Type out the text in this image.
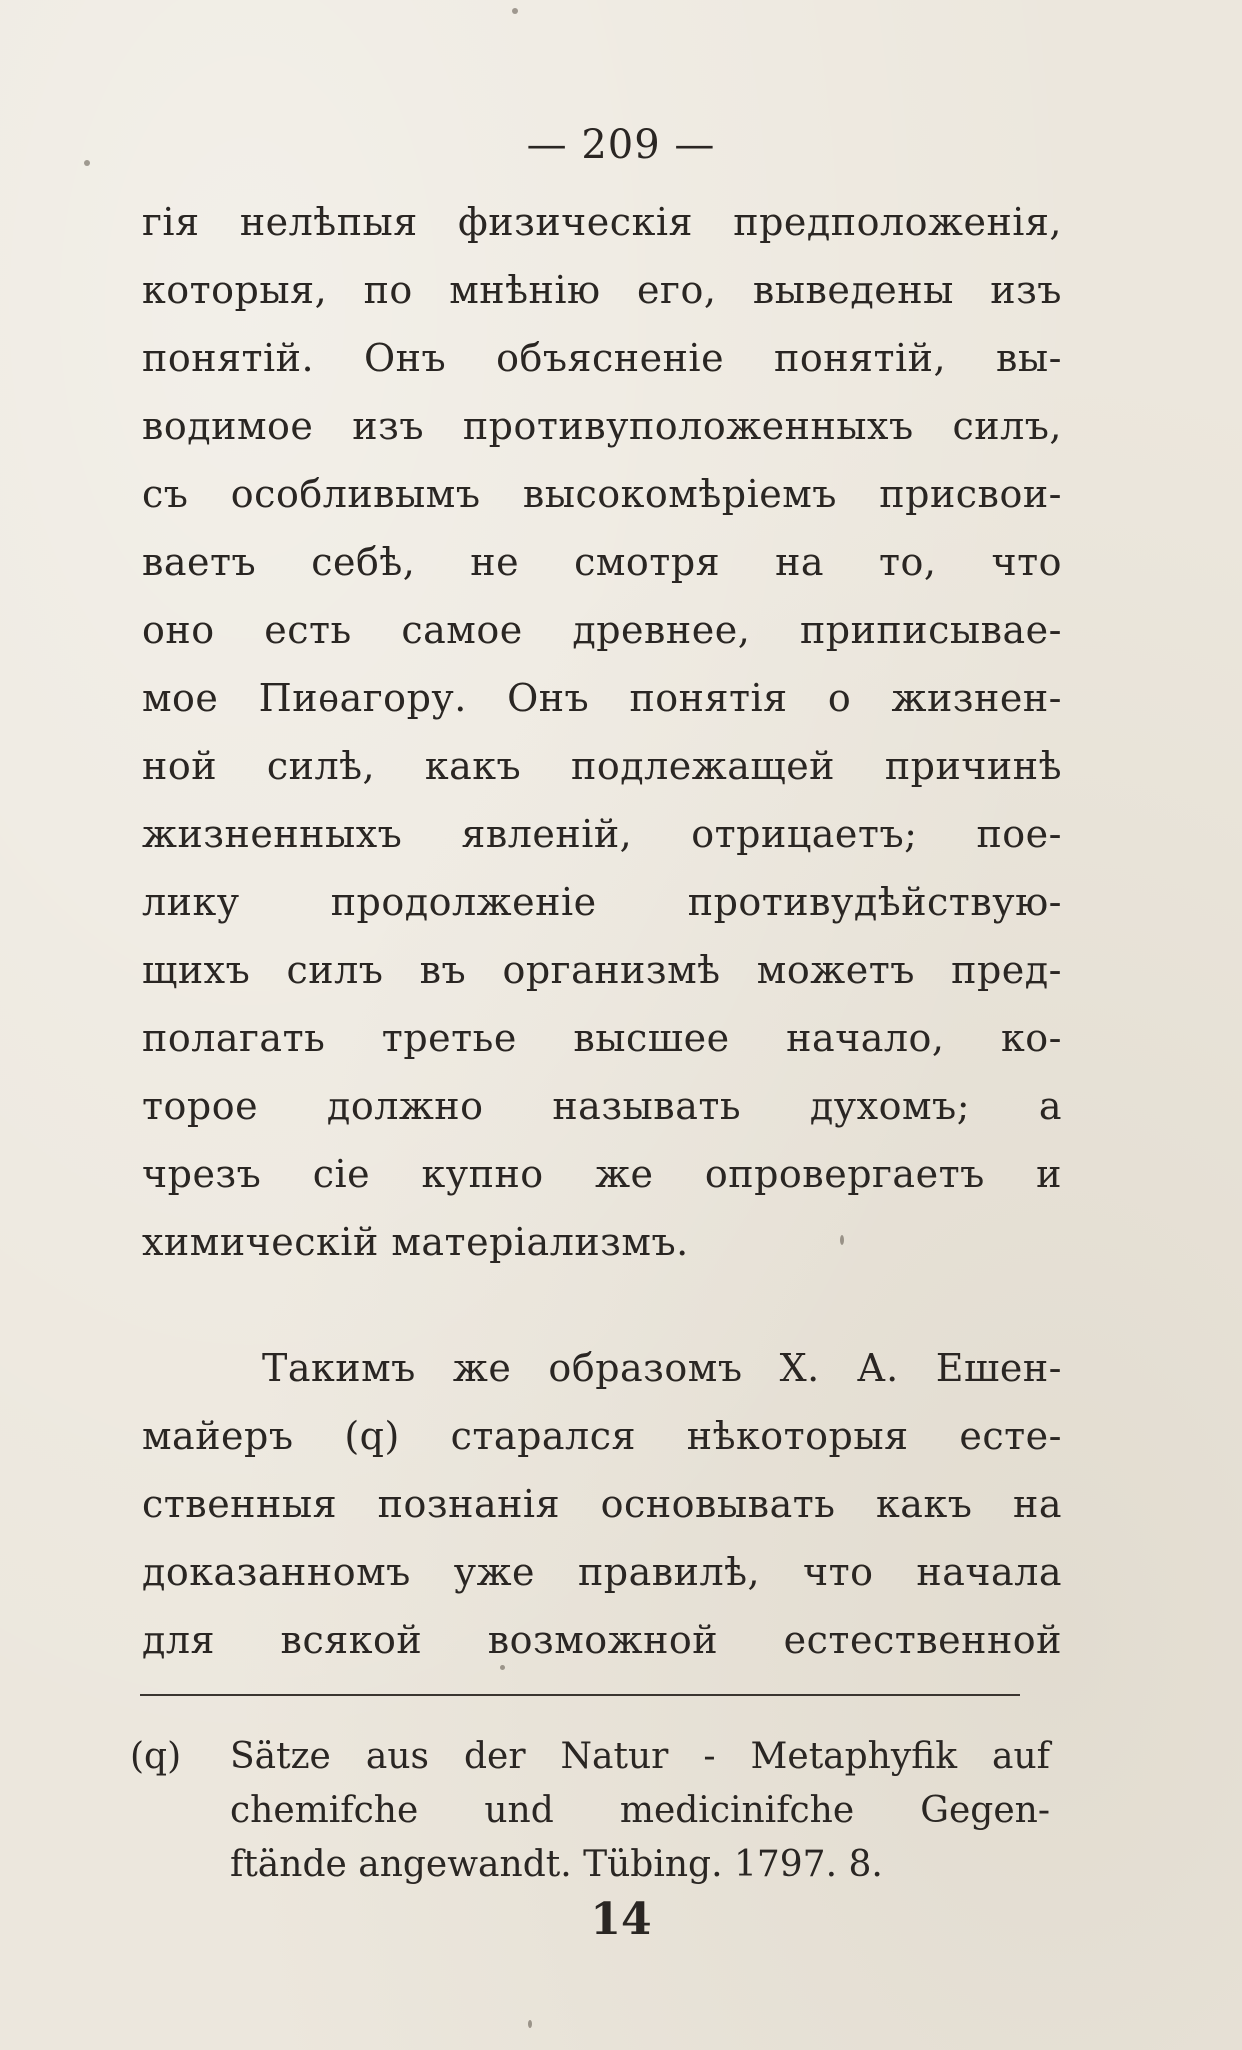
— 209 —
гія нелѣпыя физическія предположенія,
которыя, по мнѣнію его, выведены изъ
понятій. Онъ объясненіе понятій, вы-
водимое изъ противуположенныхъ силъ,
съ особливымъ высокомѣріемъ присвои-
ваетъ себѣ, не смотря на то, что
оно есть самое древнее, приписывае-
мое Пиѳагору. Онъ понятія о жизнен-
ной силѣ, какъ подлежащей причинѣ
жизненныхъ явленій, отрицаетъ; пое-
лику продолженіе противудѣйствую-
щихъ силъ въ организмѣ можетъ пред-
полагать третье высшее начало, ко-
торое должно называть духомъ; а
чрезъ сіе купно же опровергаетъ и
химическій матеріализмъ.
Такимъ же образомъ Х. А. Ешен-
майеръ (q) старался нѣкоторыя есте-
ственныя познанія основывать какъ на
доказанномъ уже правилѣ, что начала
для всякой возможной естественной
(q) Sätze aus der Natur - Metaphyfik auf
chemifche und medicinifche Gegen-
ftände angewandt. Tübing. 1797. 8.
14
